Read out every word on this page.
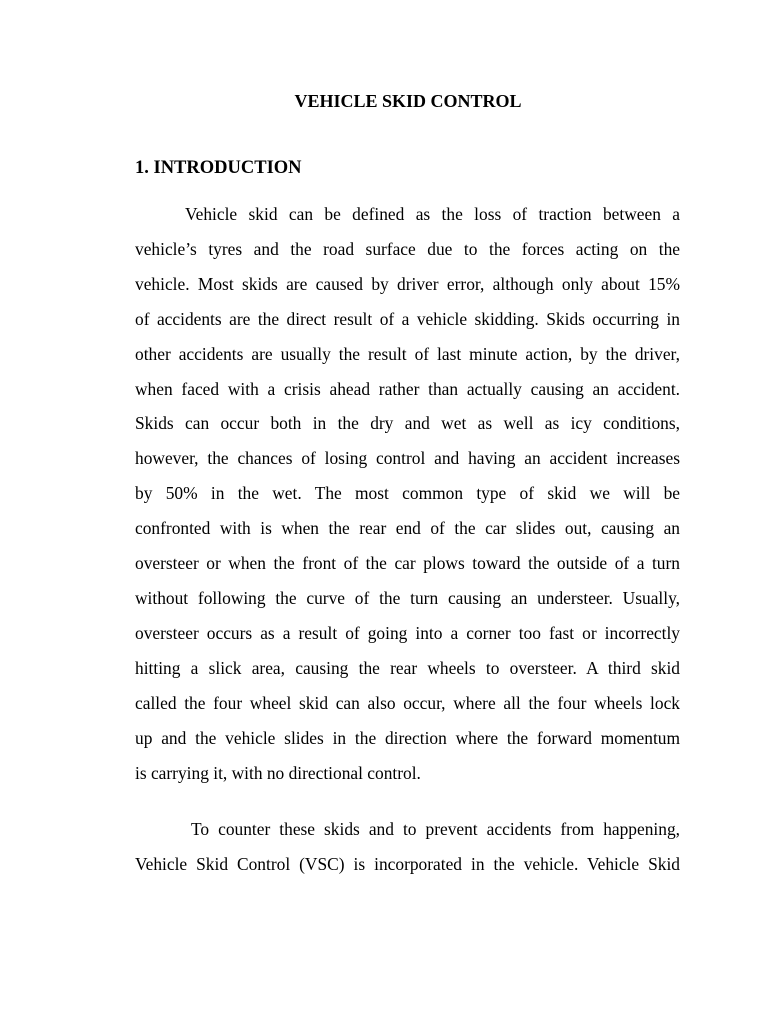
VEHICLE SKID CONTROL
1. INTRODUCTION

Vehicle skid can be defined as the loss of traction between a
vehicle’s tyres and the road surface due to the forces acting on the
vehicle. Most skids are caused by driver error, although only about 15%
of accidents are the direct result of a vehicle skidding. Skids occurring in
other accidents are usually the result of last minute action, by the driver,
when faced with a crisis ahead rather than actually causing an accident.
Skids can occur both in the dry and wet as well as icy conditions,
however, the chances of losing control and having an accident increases
by 50% in the wet. The most common type of skid we will be
confronted with is when the rear end of the car slides out, causing an
oversteer or when the front of the car plows toward the outside of a turn
without following the curve of the turn causing an understeer. Usually,
oversteer occurs as a result of going into a corner too fast or incorrectly
hitting a slick area, causing the rear wheels to oversteer. A third skid
called the four wheel skid can also occur, where all the four wheels lock
up and the vehicle slides in the direction where the forward momentum
is carrying it, with no directional control.

To counter these skids and to prevent accidents from happening,
Vehicle Skid Control (VSC) is incorporated in the vehicle. Vehicle Skid
